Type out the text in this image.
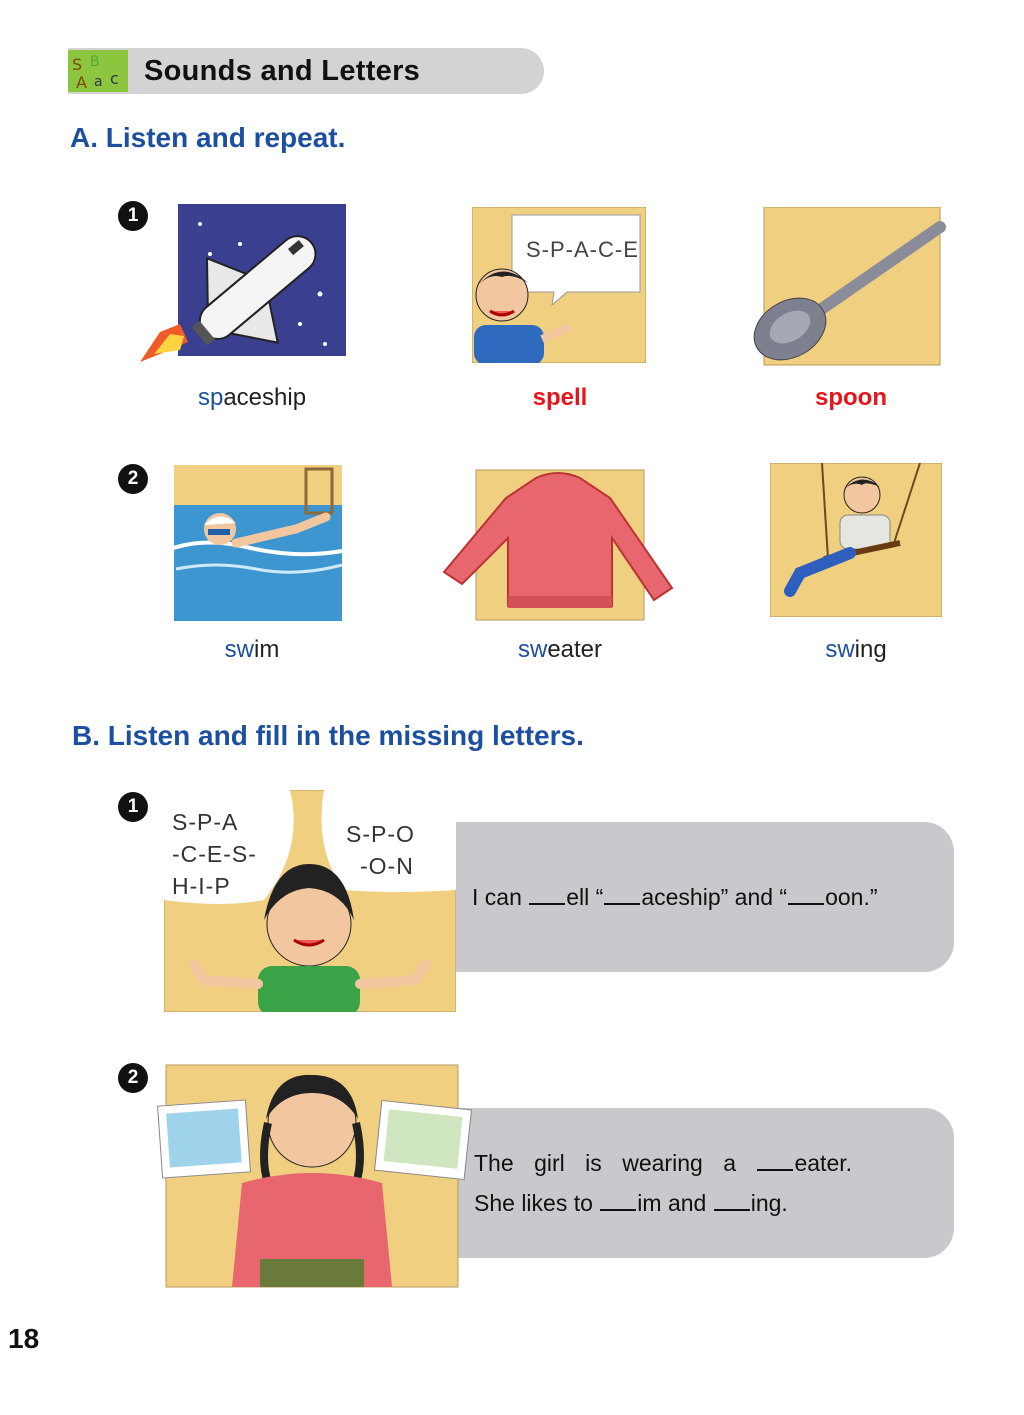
S B
A a c Sounds and Letters
A. Listen and repeat.
1
2
spaceship
S-P-A-C-E
spell	spoon
swim	sweater	swing
B. Listen and fill in the missing letters.
1
S-P-A
-C-E-S-
H-I-P
S-P-O
-O-N
I can ell “ aceship” and “ oon.”
2
The girl is wearing a	eater.
She likes to im and ing.
18
